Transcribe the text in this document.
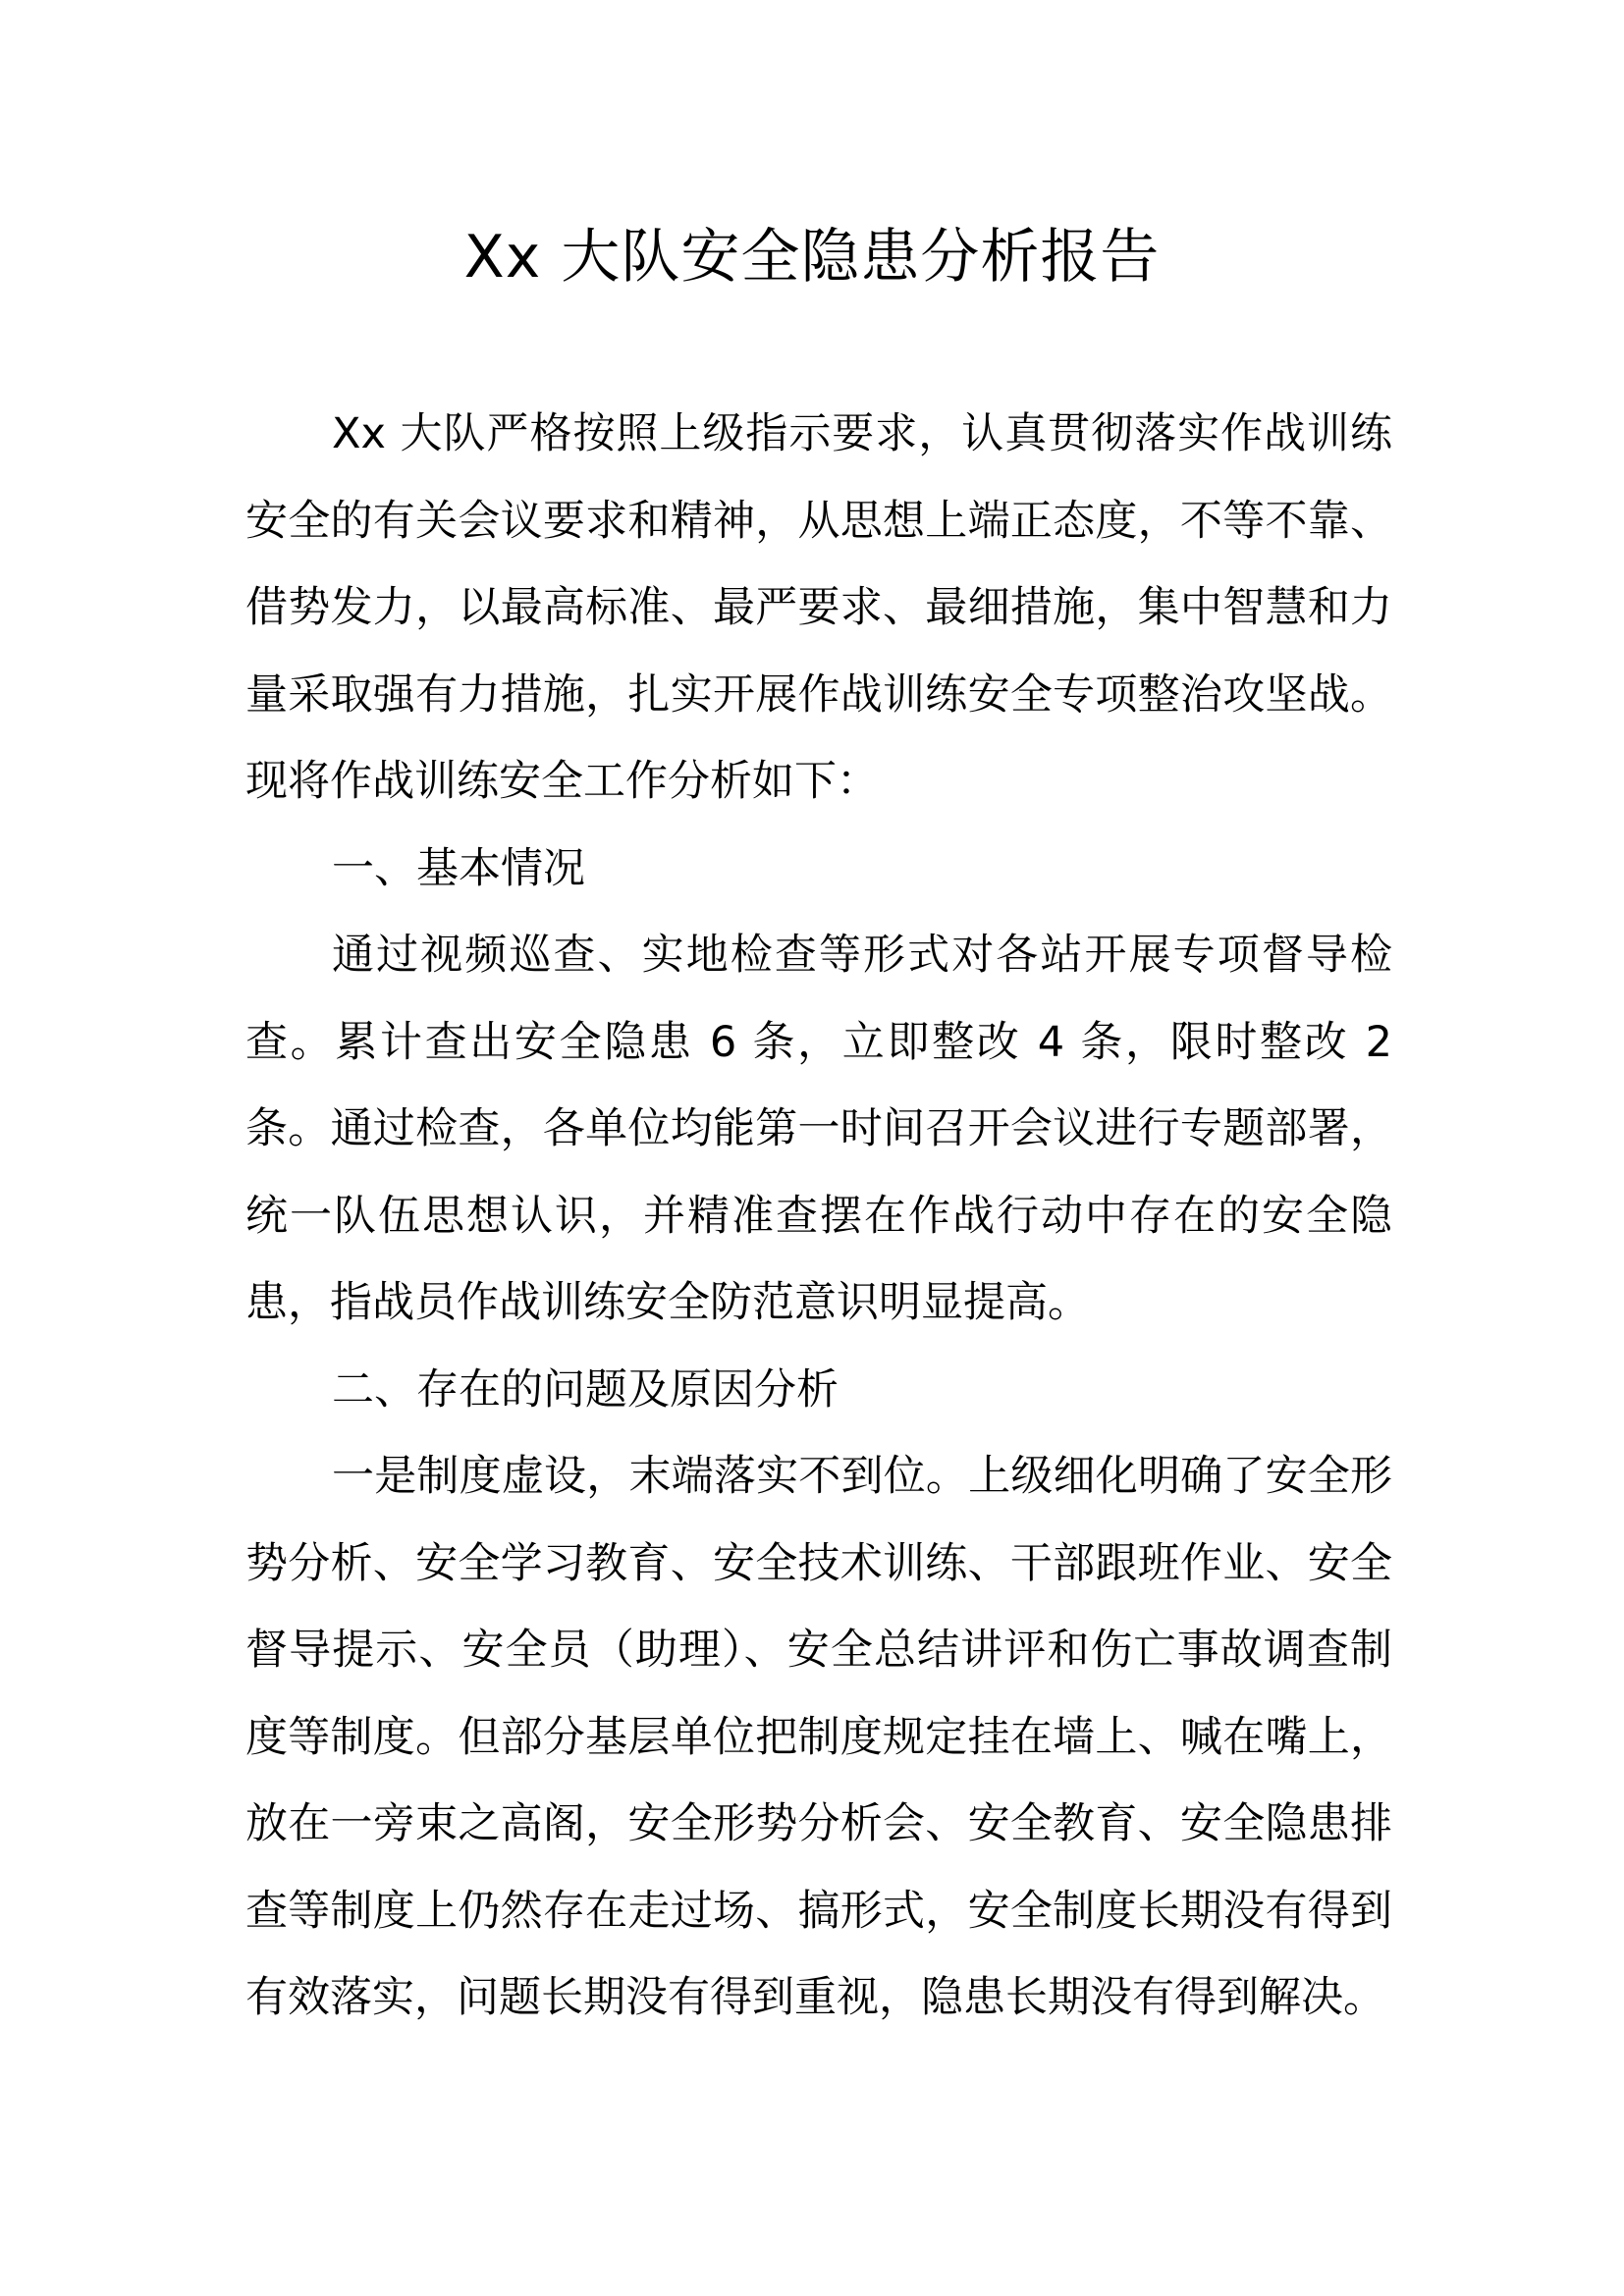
Xx 大队安全隐患分析报告

Xx 大队严格按照上级指示要求，认真贯彻落实作战训练安全的有关会议要求和精神，从思想上端正态度，不等不靠、借势发力，以最高标准、最严要求、最细措施，集中智慧和力量采取强有力措施，扎实开展作战训练安全专项整治攻坚战。现将作战训练安全工作分析如下：

一、基本情况

通过视频巡查、实地检查等形式对各站开展专项督导检查。累计查出安全隐患 6 条，立即整改 4 条，限时整改 2 条。通过检查，各单位均能第一时间召开会议进行专题部署，统一队伍思想认识，并精准查摆在作战行动中存在的安全隐患，指战员作战训练安全防范意识明显提高。

二、存在的问题及原因分析

一是制度虚设，末端落实不到位。上级细化明确了安全形势分析、安全学习教育、安全技术训练、干部跟班作业、安全督导提示、安全员（助理）、安全总结讲评和伤亡事故调查制度等制度。但部分基层单位把制度规定挂在墙上、喊在嘴上，放在一旁束之高阁，安全形势分析会、安全教育、安全隐患排查等制度上仍然存在走过场、搞形式，安全制度长期没有得到有效落实，问题长期没有得到重视，隐患长期没有得到解决。
